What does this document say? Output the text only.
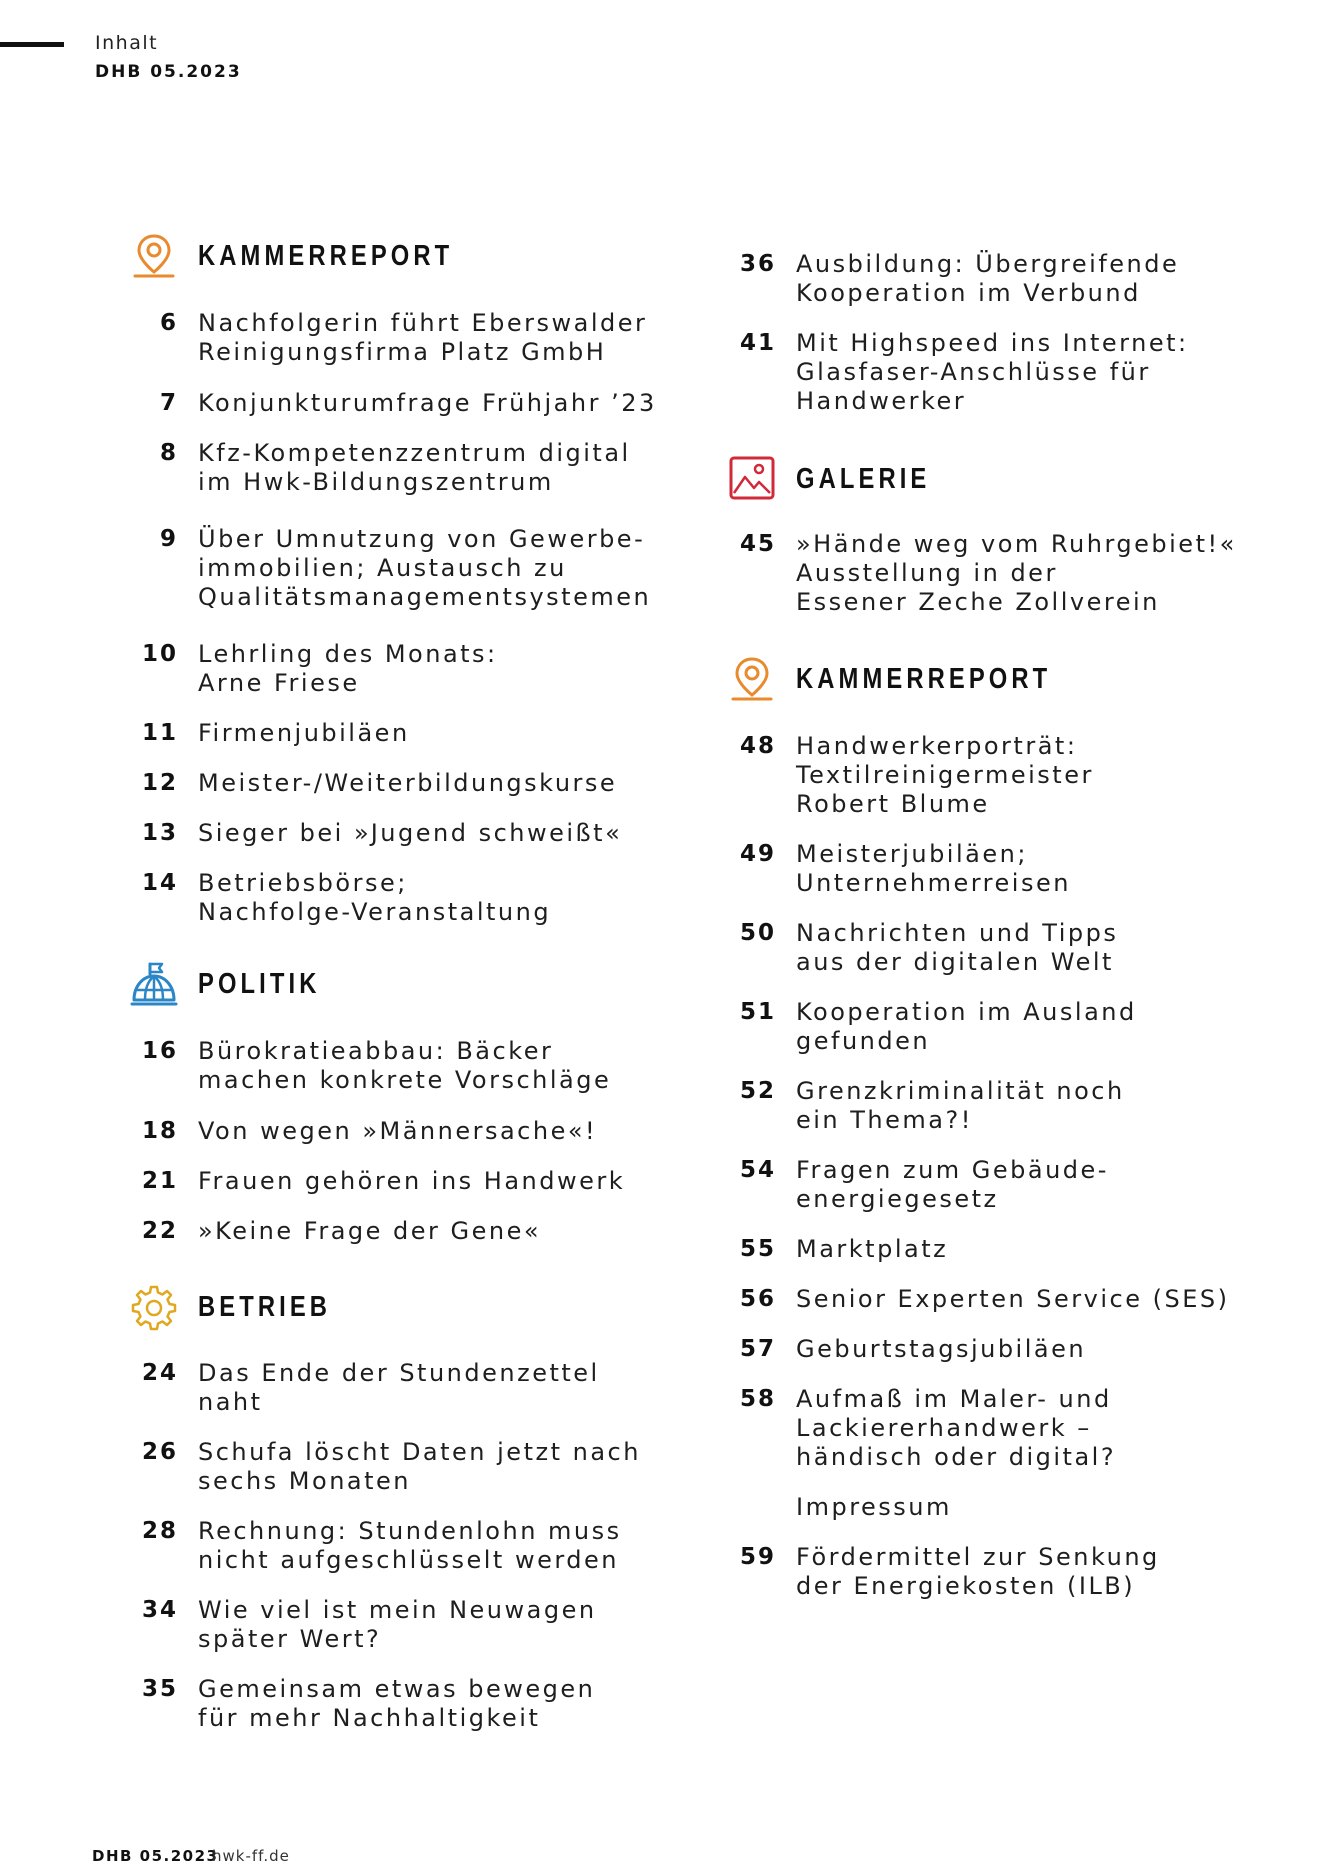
Inhalt
DHB 05.2023
KAMMERREPORT
6 Nachfolgerin führt Eberswalder
Reinigungsfirma Platz GmbH
7 Konjunkturumfrage Frühjahr ’23
8 Kfz-Kompetenzzentrum digital
im Hwk-Bildungszentrum
9 Über Umnutzung von Gewerbe-
immobilien; Austausch zu
Qualitätsmanagementsystemen
10 Lehrling des Monats:
Arne Friese
11 Firmenjubiläen
12 Meister-/Weiterbildungskurse
13 Sieger bei »Jugend schweißt«
14 Betriebsbörse;
Nachfolge-Veranstaltung
POLITIK
16 Bürokratieabbau: Bäcker
machen konkrete Vorschläge
18 Von wegen »Männersache«!
21 Frauen gehören ins Handwerk
22 »Keine Frage der Gene«
BETRIEB
24 Das Ende der Stundenzettel
naht
26 Schufa löscht Daten jetzt nach
sechs Monaten
28 Rechnung: Stundenlohn muss
nicht aufgeschlüsselt werden
34 Wie viel ist mein Neuwagen
später Wert?
35 Gemeinsam etwas bewegen
für mehr Nachhaltigkeit
36 Ausbildung: Übergreifende
Kooperation im Verbund
41 Mit Highspeed ins Internet:
Glasfaser-Anschlüsse für
Handwerker
GALERIE
45 »Hände weg vom Ruhrgebiet!«
Ausstellung in der
Essener Zeche Zollverein
KAMMERREPORT
48 Handwerkerporträt:
Textilreinigermeister
Robert Blume
49 Meisterjubiläen;
Unternehmerreisen
50 Nachrichten und Tipps
aus der digitalen Welt
51 Kooperation im Ausland
gefunden
52 Grenzkriminalität noch
ein Thema?!
54 Fragen zum Gebäude-
energiegesetz
55 Marktplatz
56 Senior Experten Service (SES)
57 Geburtstagsjubiläen
58 Aufmaß im Maler- und
Lackiererhandwerk –
händisch oder digital?
Impressum
59 Fördermittel zur Senkung
der Energiekosten (ILB)
DHB 05.2023
hwk-ff.de
